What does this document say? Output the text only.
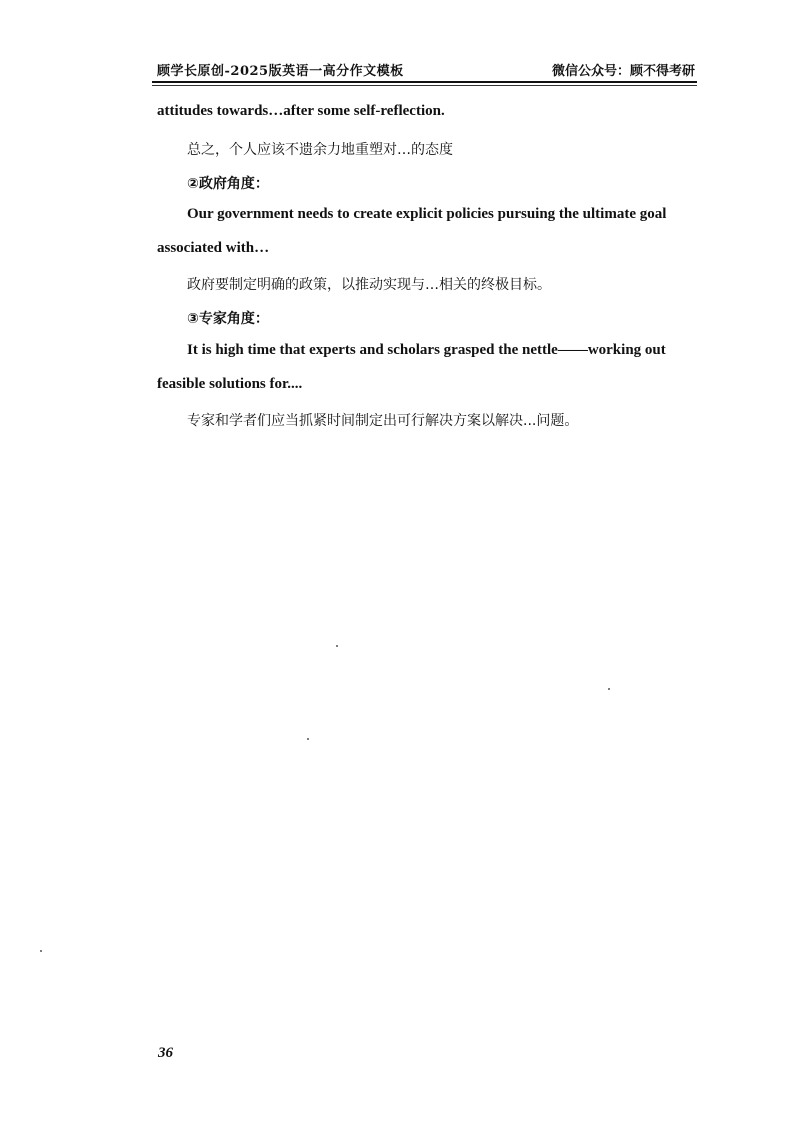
顾学长原创-2025版英语一高分作文模板	微信公众号：顾不得考研
attitudes towards…after some self-reflection.
总之，个人应该不遗余力地重塑对…的态度
②政府角度：
Our government needs to create explicit policies pursuing the ultimate goal
associated with…
政府要制定明确的政策，以推动实现与…相关的终极目标。
③专家角度：
It is high time that experts and scholars grasped the nettle——working out
feasible solutions for....
专家和学者们应当抓紧时间制定出可行解决方案以解决...问题。
36
